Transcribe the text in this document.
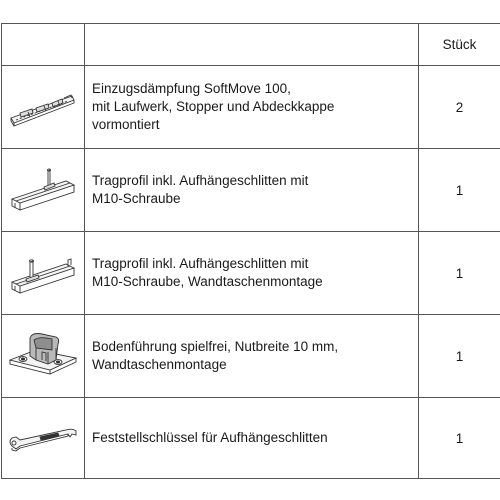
		Stück

Einzugsdämpfung SoftMove 100,
mit Laufwerk, Stopper und Abdeckkappe
vormontiert	2

Tragprofil inkl. Aufhängeschlitten mit
M10-Schraube	1

Tragprofil inkl. Aufhängeschlitten mit
M10-Schraube, Wandtaschenmontage	1

Bodenführung spielfrei, Nutbreite 10 mm,
Wandtaschenmontage	1

Feststellschlüssel für Aufhängeschlitten	1
